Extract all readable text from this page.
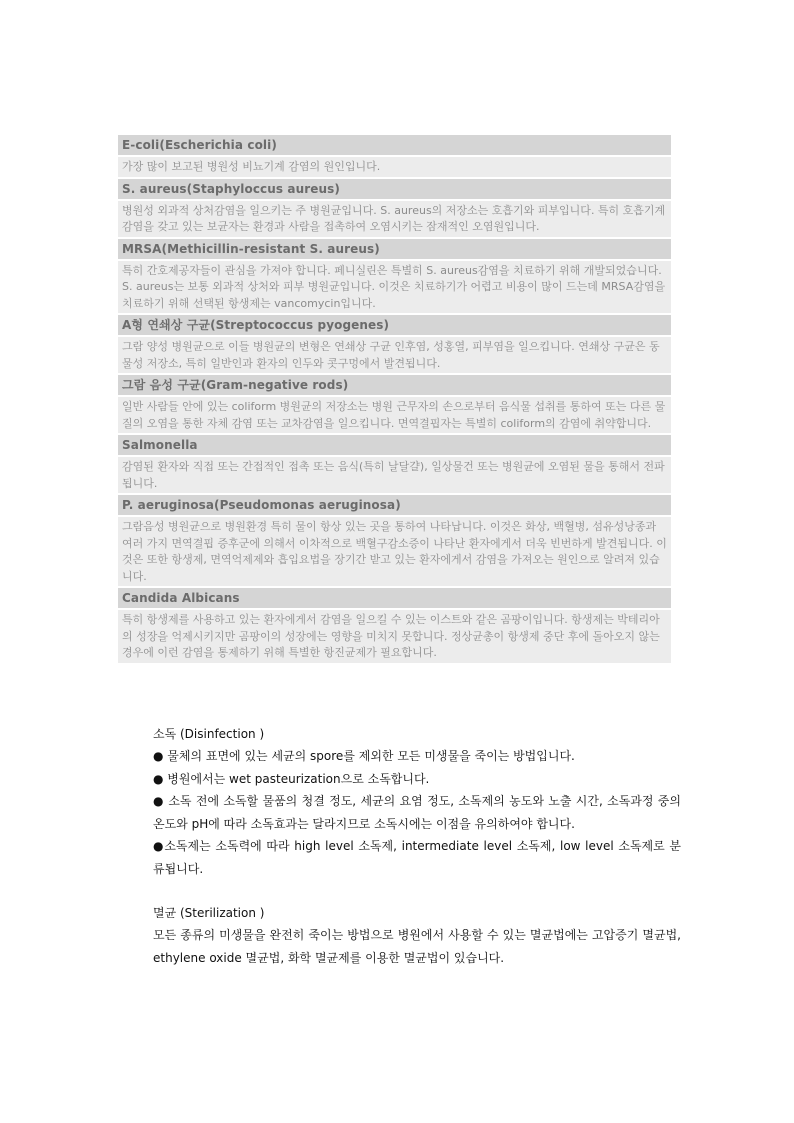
E-coli(Escherichia coli)
가장 많이 보고된 병원성 비뇨기계 감염의 원인입니다.
S. aureus(Staphyloccus aureus)
병원성 외과적 상처감염을 일으키는 주 병원균입니다. S. aureus의 저장소는 호흡기와 피부입니다. 특히 호흡기계 감염을 갖고 있는 보균자는 환경과 사람을 접촉하여 오염시키는 잠재적인 오염원입니다.
MRSA(Methicillin-resistant S. aureus)
특히 간호제공자들이 관심을 가져야 합니다. 페니실린은 특별히 S. aureus감염을 치료하기 위해 개발되었습니다. S. aureus는 보통 외과적 상처와 피부 병원균입니다. 이것은 치료하기가 어렵고 비용이 많이 드는데 MRSA감염을 치료하기 위해 선택된 항생제는 vancomycin입니다.
A형 연쇄상 구균(Streptococcus pyogenes)
그람 양성 병원균으로 이들 병원균의 변형은 연쇄상 구균 인후염, 성홍열, 피부염을 일으킵니다. 연쇄상 구균은 동물성 저장소, 특히 일반인과 환자의 인두와 콧구멍에서 발견됩니다.
그람 음성 구균(Gram-negative rods)
일반 사람들 안에 있는 coliform 병원균의 저장소는 병원 근무자의 손으로부터 음식물 섭취를 통하여 또는 다른 물질의 오염을 통한 자체 감염 또는 교차감염을 일으킵니다. 면역결핍자는 특별히 coliform의 감염에 취약합니다.
Salmonella
감염된 환자와 직접 또는 간접적인 접촉 또는 음식(특히 날달걀), 일상물건 또는 병원균에 오염된 물을 통해서 전파됩니다.
P. aeruginosa(Pseudomonas aeruginosa)
그람음성 병원균으로 병원환경 특히 물이 항상 있는 곳을 통하여 나타납니다. 이것은 화상, 백혈병, 섬유성낭종과 여러 가지 면역결핍 증후군에 의해서 이차적으로 백혈구감소증이 나타난 환자에게서 더욱 빈번하게 발견됩니다. 이것은 또한 항생제, 면역억제제와 흡입요법을 장기간 받고 있는 환자에게서 감염을 가져오는 원인으로 알려져 있습니다.
Candida Albicans
특히 항생제를 사용하고 있는 환자에게서 감염을 일으킬 수 있는 이스트와 같은 곰팡이입니다. 항생제는 박테리아의 성장을 억제시키지만 곰팡이의 성장에는 영향을 미치지 못합니다. 정상균총이 항생제 중단 후에 돌아오지 않는 경우에 이런 감염을 통제하기 위해 특별한 항진균제가 필요합니다.

소독 (Disinfection )

● 물체의 표면에 있는 세균의 spore를 제외한 모든 미생물을 죽이는 방법입니다.

● 병원에서는 wet pasteurization으로 소독합니다.

● 소독 전에 소독할 물품의 청결 정도, 세균의 요염 정도, 소독제의 농도와 노출 시간, 소독과정 중의 온도와 pH에 따라 소독효과는 달라지므로 소독시에는 이점을 유의하여야 합니다.

●소독제는 소독력에 따라 high level 소독제, intermediate level 소독제, low level 소독제로 분류됩니다.

멸균 (Sterilization )

모든 종류의 미생물을 완전히 죽이는 방법으로 병원에서 사용할 수 있는 멸균법에는 고압증기 멸균법, ethylene oxide 멸균법, 화학 멸균제를 이용한 멸균법이 있습니다.
